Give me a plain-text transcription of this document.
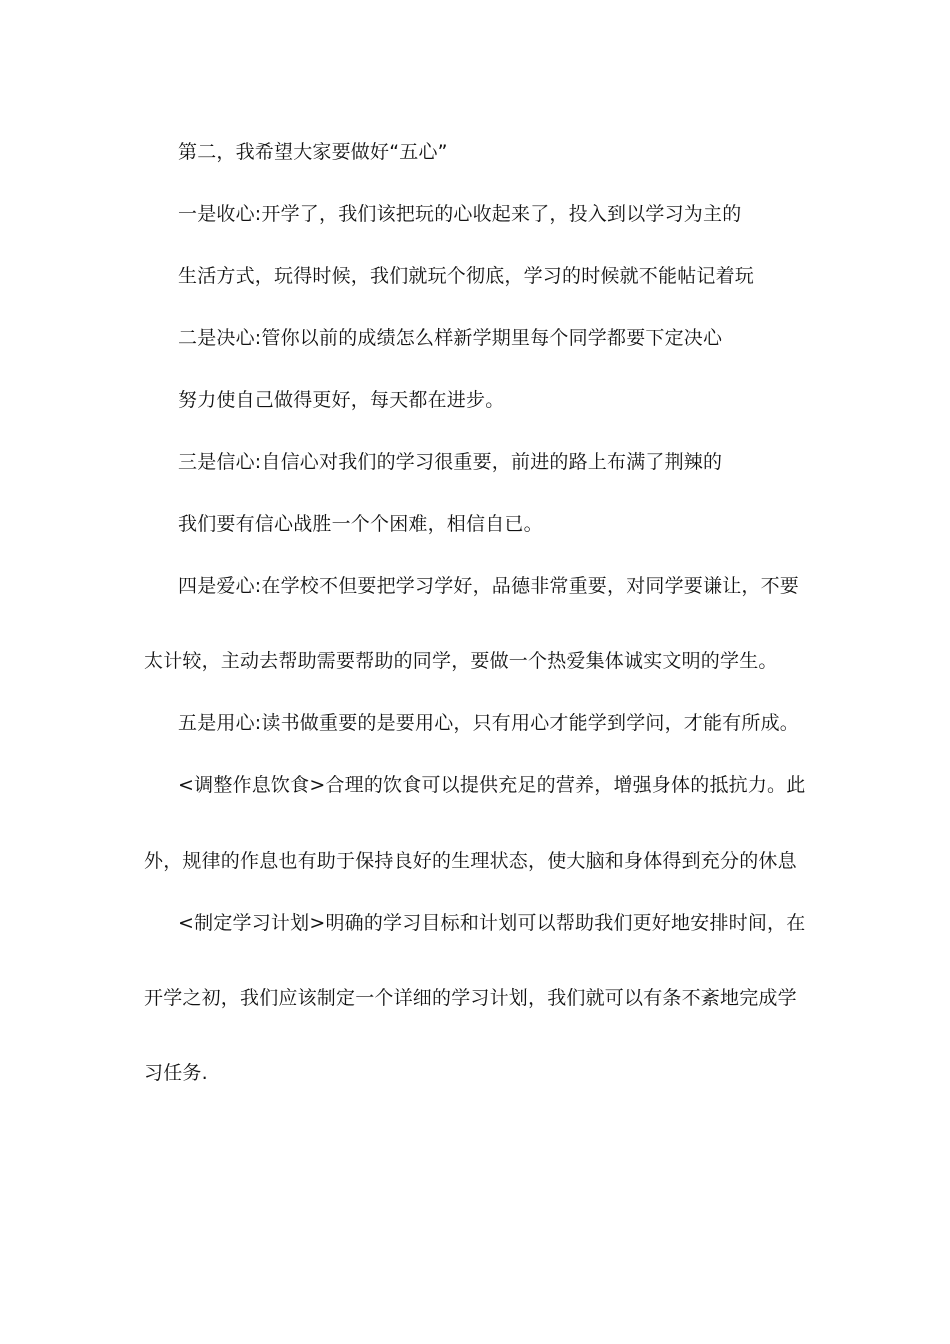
第二，我希望大家要做好“五心”
一是收心:开学了，我们该把玩的心收起来了，投入到以学习为主的
生活方式，玩得时候，我们就玩个彻底，学习的时候就不能帖记着玩
二是决心:管你以前的成绩怎么样新学期里每个同学都要下定决心
努力使自己做得更好，每天都在进步。
三是信心:自信心对我们的学习很重要，前进的路上布满了荆辣的
我们要有信心战胜一个个困难，相信自已。
四是爱心:在学校不但要把学习学好，品德非常重要，对同学要谦让，不要
太计较，主动去帮助需要帮助的同学，要做一个热爱集体诚实文明的学生。
五是用心:读书做重要的是要用心，只有用心才能学到学问，才能有所成。
<调整作息饮食>合理的饮食可以提供充足的营养，增强身体的抵抗力。此
外，规律的作息也有助于保持良好的生理状态，使大脑和身体得到充分的休息
<制定学习计划>明确的学习目标和计划可以帮助我们更好地安排时间，在
开学之初，我们应该制定一个详细的学习计划，我们就可以有条不紊地完成学
习任务.
